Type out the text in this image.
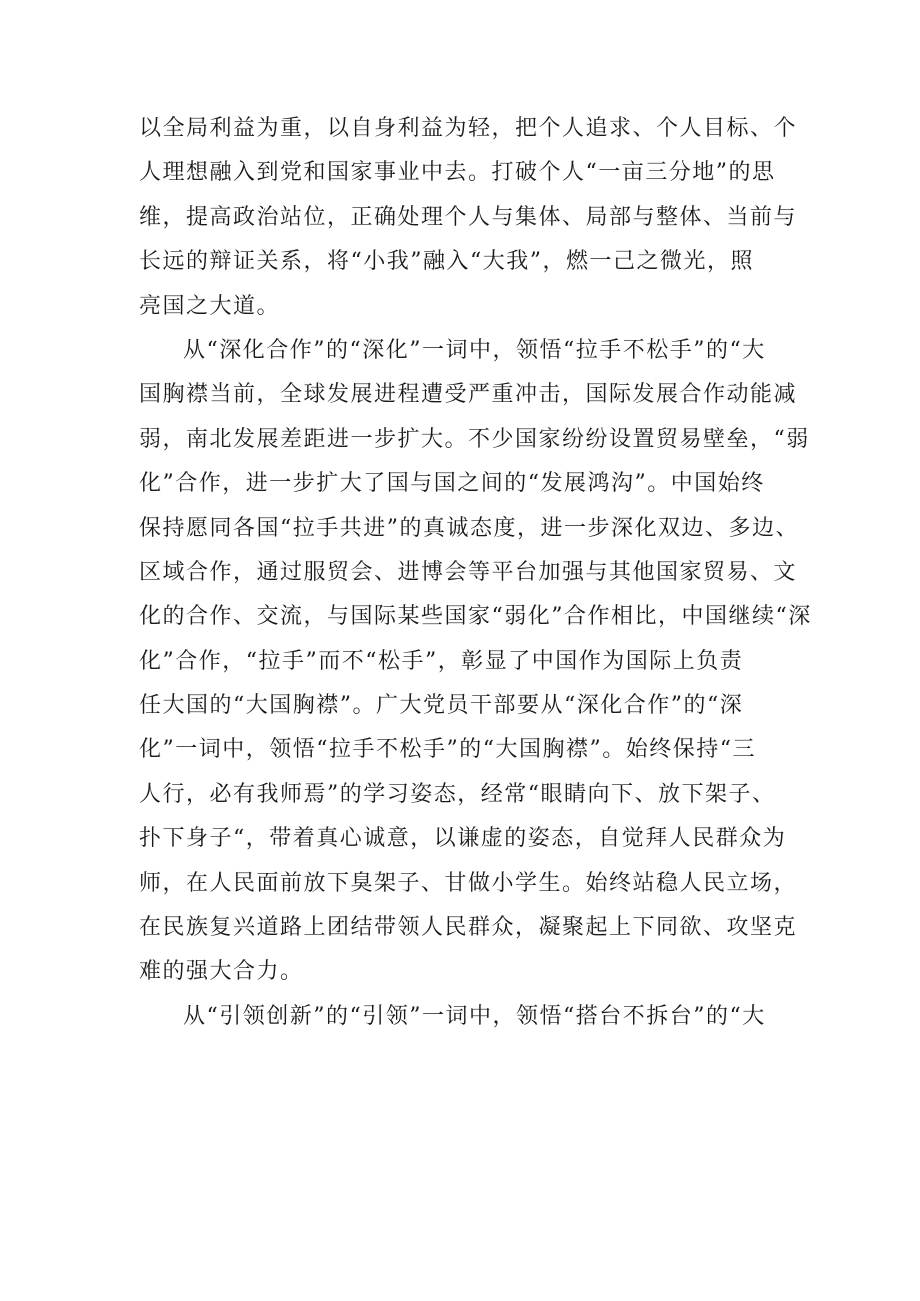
以全局利益为重，以自身利益为轻，把个人追求、个人目标、个
人理想融入到党和国家事业中去。打破个人“一亩三分地”的思
维，提高政治站位，正确处理个人与集体、局部与整体、当前与
长远的辩证关系，将“小我”融入“大我”，燃一己之微光，照
亮国之大道。
从“深化合作”的“深化”一词中，领悟“拉手不松手”的“大
国胸襟当前，全球发展进程遭受严重冲击，国际发展合作动能减
弱，南北发展差距进一步扩大。不少国家纷纷设置贸易壁垒，“弱
化”合作，进一步扩大了国与国之间的“发展鸿沟”。中国始终
保持愿同各国“拉手共进”的真诚态度，进一步深化双边、多边、
区域合作，通过服贸会、进博会等平台加强与其他国家贸易、文
化的合作、交流，与国际某些国家“弱化”合作相比，中国继续“深
化”合作，“拉手”而不“松手”，彰显了中国作为国际上负责
任大国的“大国胸襟”。广大党员干部要从“深化合作”的“深
化”一词中，领悟“拉手不松手”的“大国胸襟”。始终保持“三
人行，必有我师焉”的学习姿态，经常“眼睛向下、放下架子、
扑下身子“，带着真心诚意，以谦虚的姿态，自觉拜人民群众为
师，在人民面前放下臭架子、甘做小学生。始终站稳人民立场，
在民族复兴道路上团结带领人民群众，凝聚起上下同欲、攻坚克
难的强大合力。
从“引领创新”的“引领”一词中，领悟“搭台不拆台”的“大
